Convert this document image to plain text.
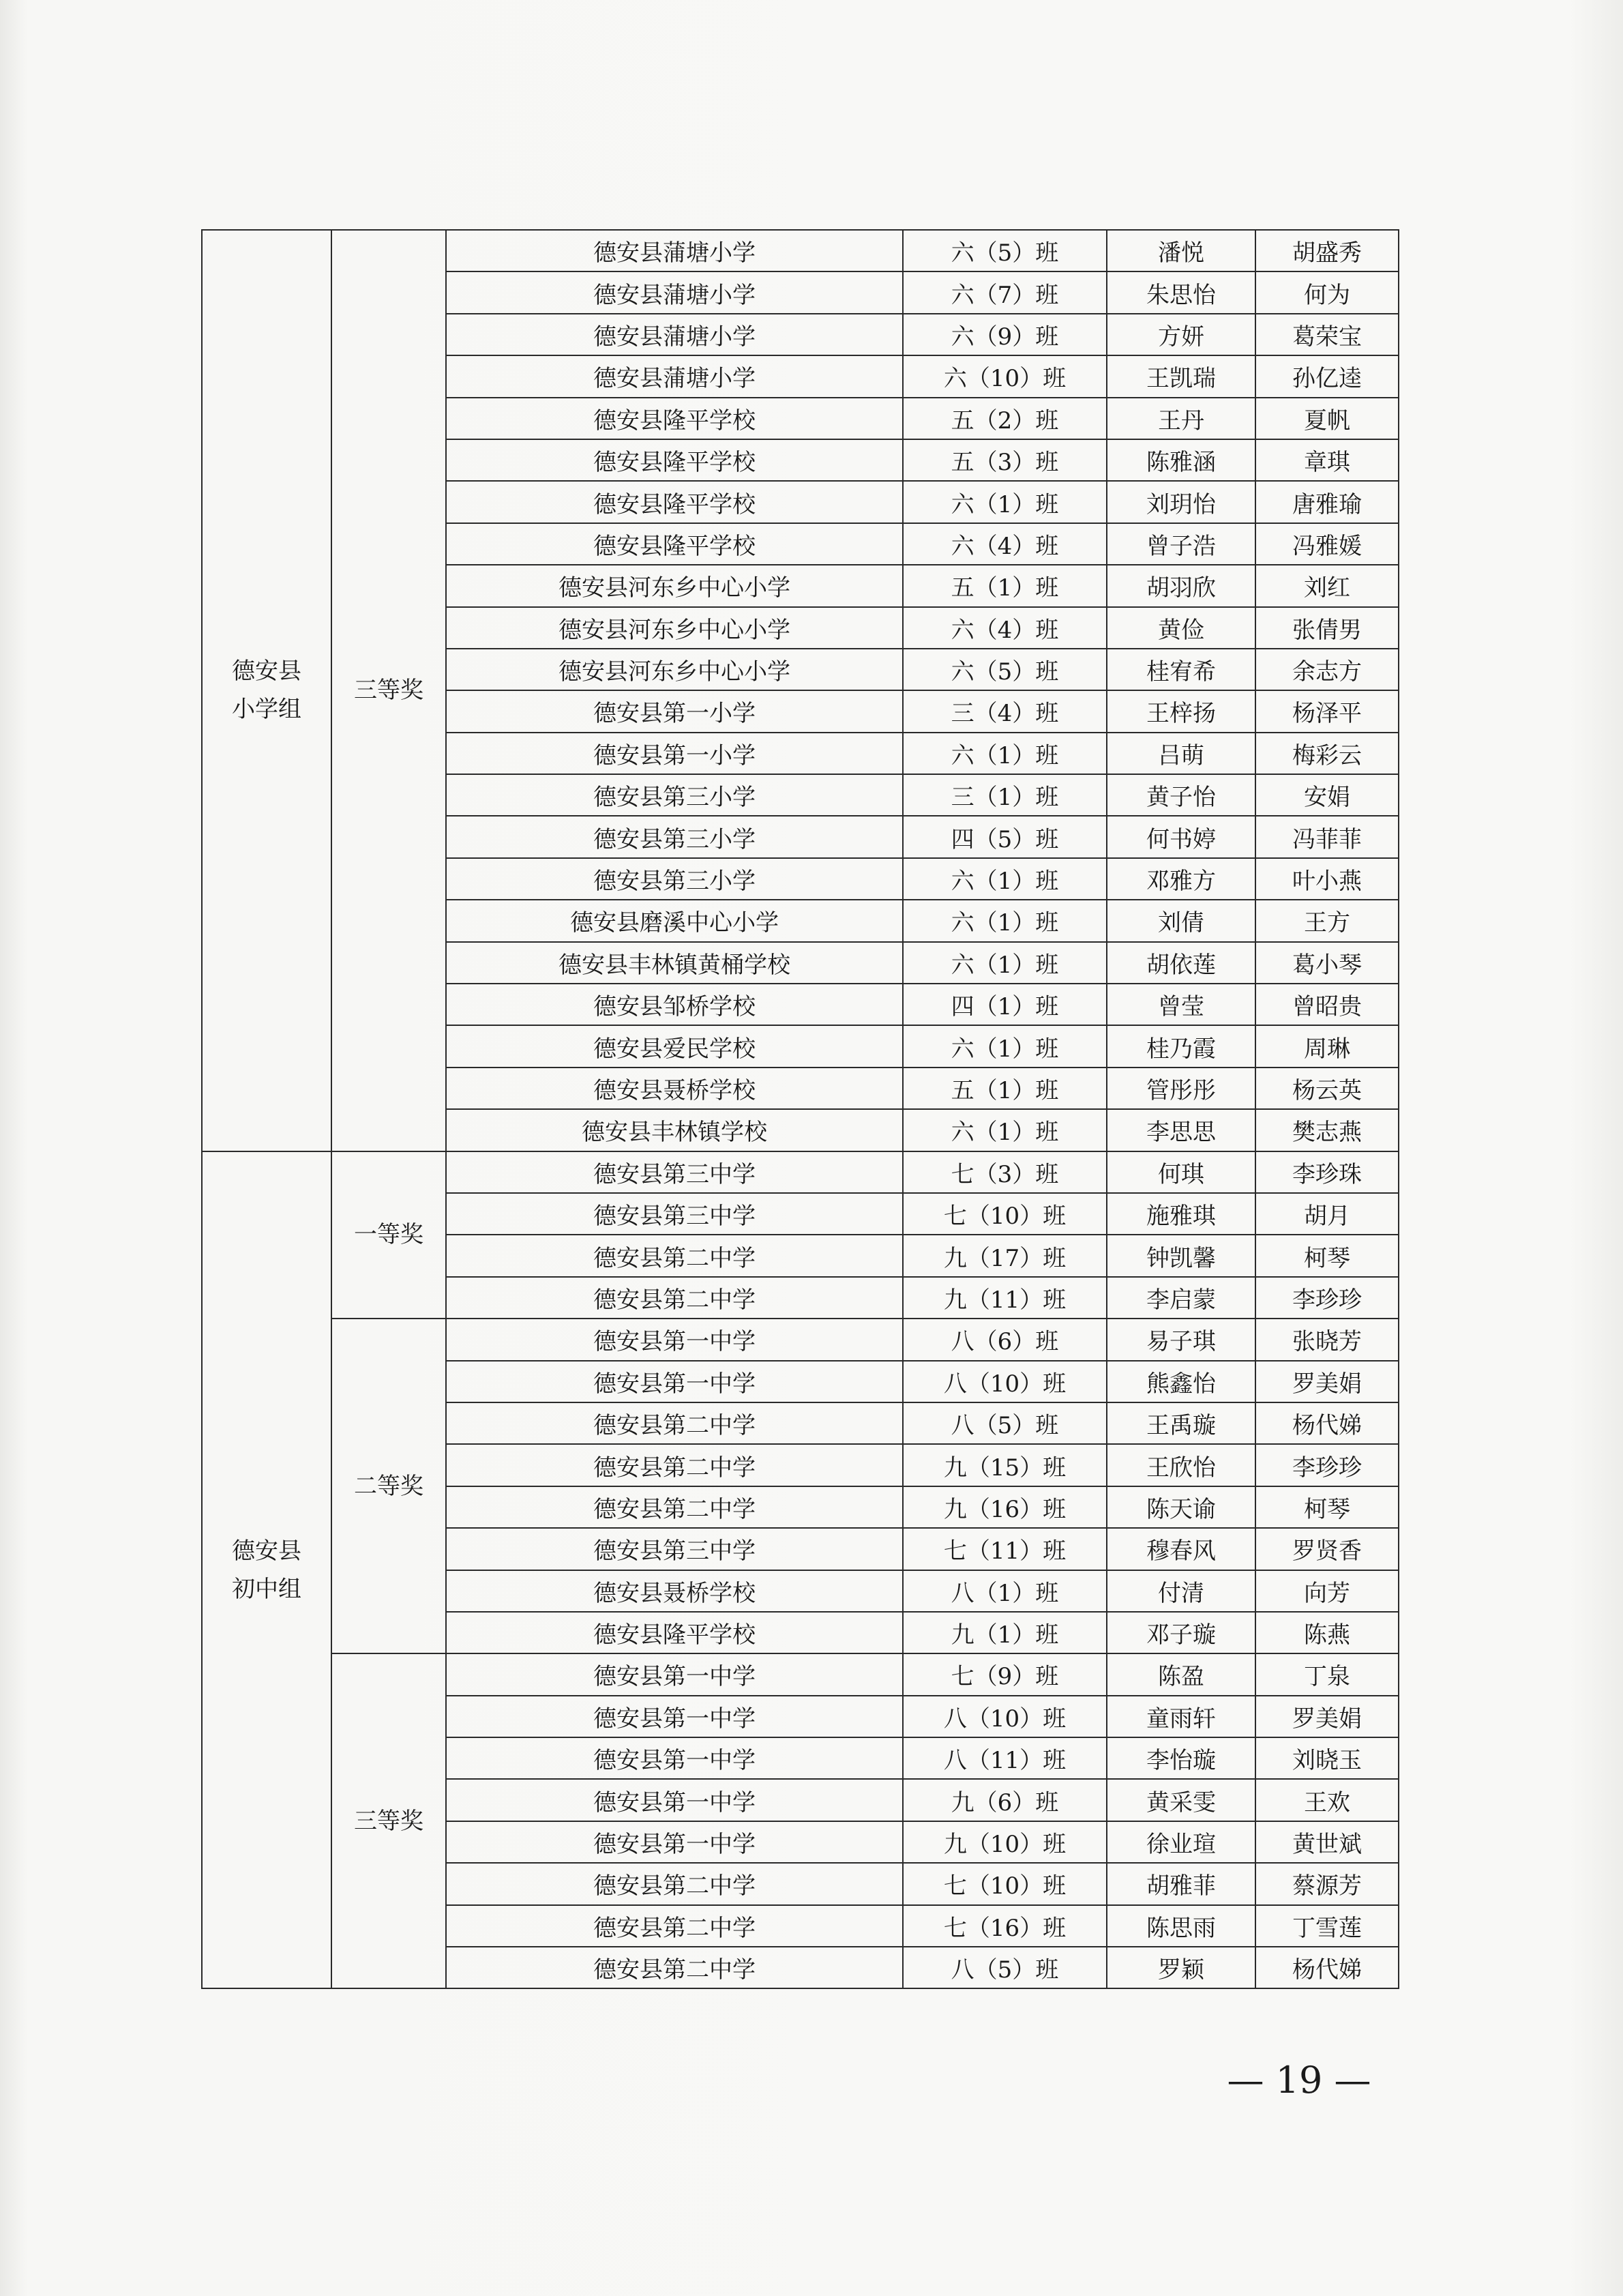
德安县
小学组	三等奖		德安县蒲塘小学	六（5）班	潘悦	胡盛秀
		德安县蒲塘小学	六（7）班	朱思怡	何为
		德安县蒲塘小学	六（9）班	方妍	葛荣宝
		德安县蒲塘小学	六（10）班	王凯瑞	孙亿逵
		德安县隆平学校	五（2）班	王丹	夏帆
		德安县隆平学校	五（3）班	陈雅涵	章琪
		德安县隆平学校	六（1）班	刘玥怡	唐雅瑜
		德安县隆平学校	六（4）班	曾子浩	冯雅媛
		德安县河东乡中心小学	五（1）班	胡羽欣	刘红
		德安县河东乡中心小学	六（4）班	黄俭	张倩男
		德安县河东乡中心小学	六（5）班	桂宥希	余志方
		德安县第一小学	三（4）班	王梓扬	杨泽平
		德安县第一小学	六（1）班	吕萌	梅彩云
		德安县第三小学	三（1）班	黄子怡	安娟
		德安县第三小学	四（5）班	何书婷	冯菲菲
		德安县第三小学	六（1）班	邓雅方	叶小燕
		德安县磨溪中心小学	六（1）班	刘倩	王方
		德安县丰林镇黄桶学校	六（1）班	胡依莲	葛小琴
		德安县邹桥学校	四（1）班	曾莹	曾昭贵
		德安县爱民学校	六（1）班	桂乃霞	周琳
		德安县聂桥学校	五（1）班	管彤彤	杨云英
		德安县丰林镇学校	六（1）班	李思思	樊志燕

德安县
初中组	一等奖		德安县第三中学	七（3）班	何琪	李珍珠
		德安县第三中学	七（10）班	施雅琪	胡月
		德安县第二中学	九（17）班	钟凯馨	柯琴
		德安县第二中学	九（11）班	李启蒙	李珍珍
	二等奖		德安县第一中学	八（6）班	易子琪	张晓芳
		德安县第一中学	八（10）班	熊鑫怡	罗美娟
		德安县第二中学	八（5）班	王禹璇	杨代娣
		德安县第二中学	九（15）班	王欣怡	李珍珍
		德安县第二中学	九（16）班	陈天谕	柯琴
		德安县第三中学	七（11）班	穆春风	罗贤香
		德安县聂桥学校	八（1）班	付清	向芳
		德安县隆平学校	九（1）班	邓子璇	陈燕
	三等奖		德安县第一中学	七（9）班	陈盈	丁泉
		德安县第一中学	八（10）班	童雨轩	罗美娟
		德安县第一中学	八（11）班	李怡璇	刘晓玉
		德安县第一中学	九（6）班	黄采雯	王欢
		德安县第一中学	九（10）班	徐业瑄	黄世斌
		德安县第二中学	七（10）班	胡雅菲	蔡源芳
		德安县第二中学	七（16）班	陈思雨	丁雪莲
		德安县第二中学	八（5）班	罗颖	杨代娣
— 19 —
